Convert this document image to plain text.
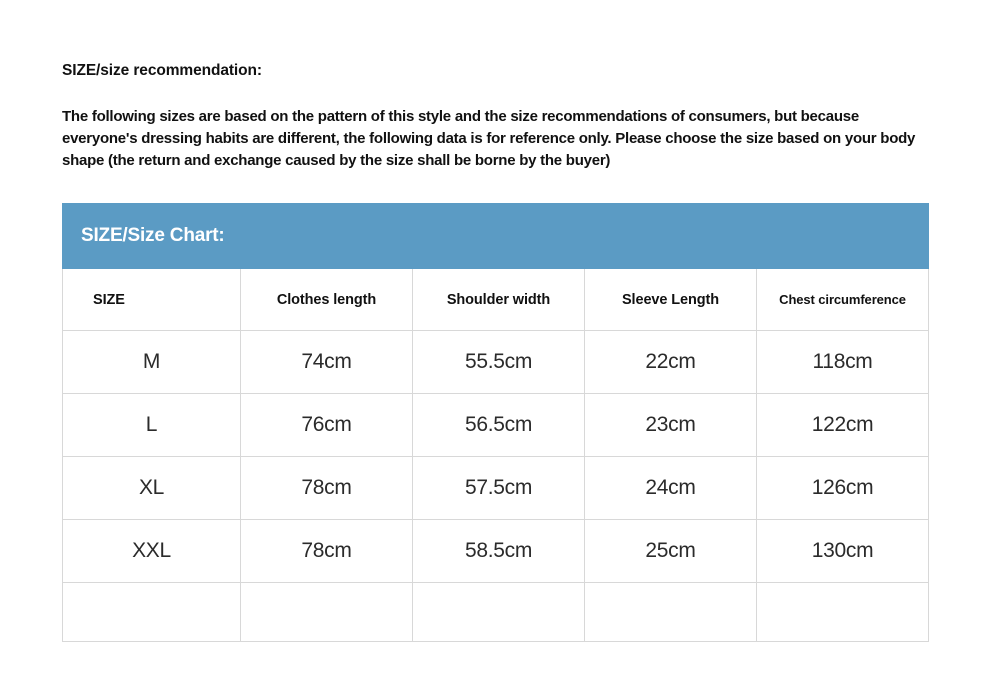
SIZE/size recommendation:
The following sizes are based on the pattern of this style and the size recommendations of consumers, but because everyone's dressing habits are different, the following data is for reference only. Please choose the size based on your body shape (the return and exchange caused by the size shall be borne by the buyer)
SIZE/Size Chart:				
SIZE	Clothes length	Shoulder width	Sleeve Length	Chest circumference
M	74cm	55.5cm	22cm	118cm
L	76cm	56.5cm	23cm	122cm
XL	78cm	57.5cm	24cm	126cm
XXL	78cm	58.5cm	25cm	130cm
